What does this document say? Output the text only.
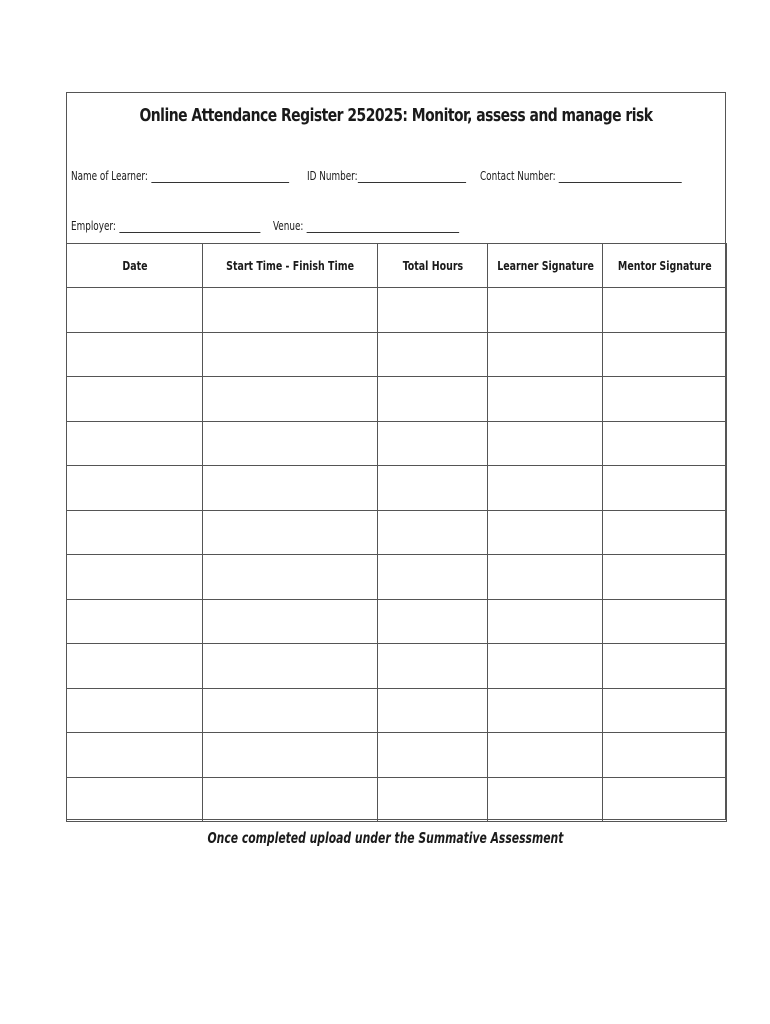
Online Attendance Register 252025: Monitor, assess and manage risk
Name of Learner:	ID Number:	Contact Number:
Employer:	Venue:
Date	Start Time - Finish Time	Total Hours	Learner Signature	Mentor Signature

Once completed upload under the Summative Assessment
